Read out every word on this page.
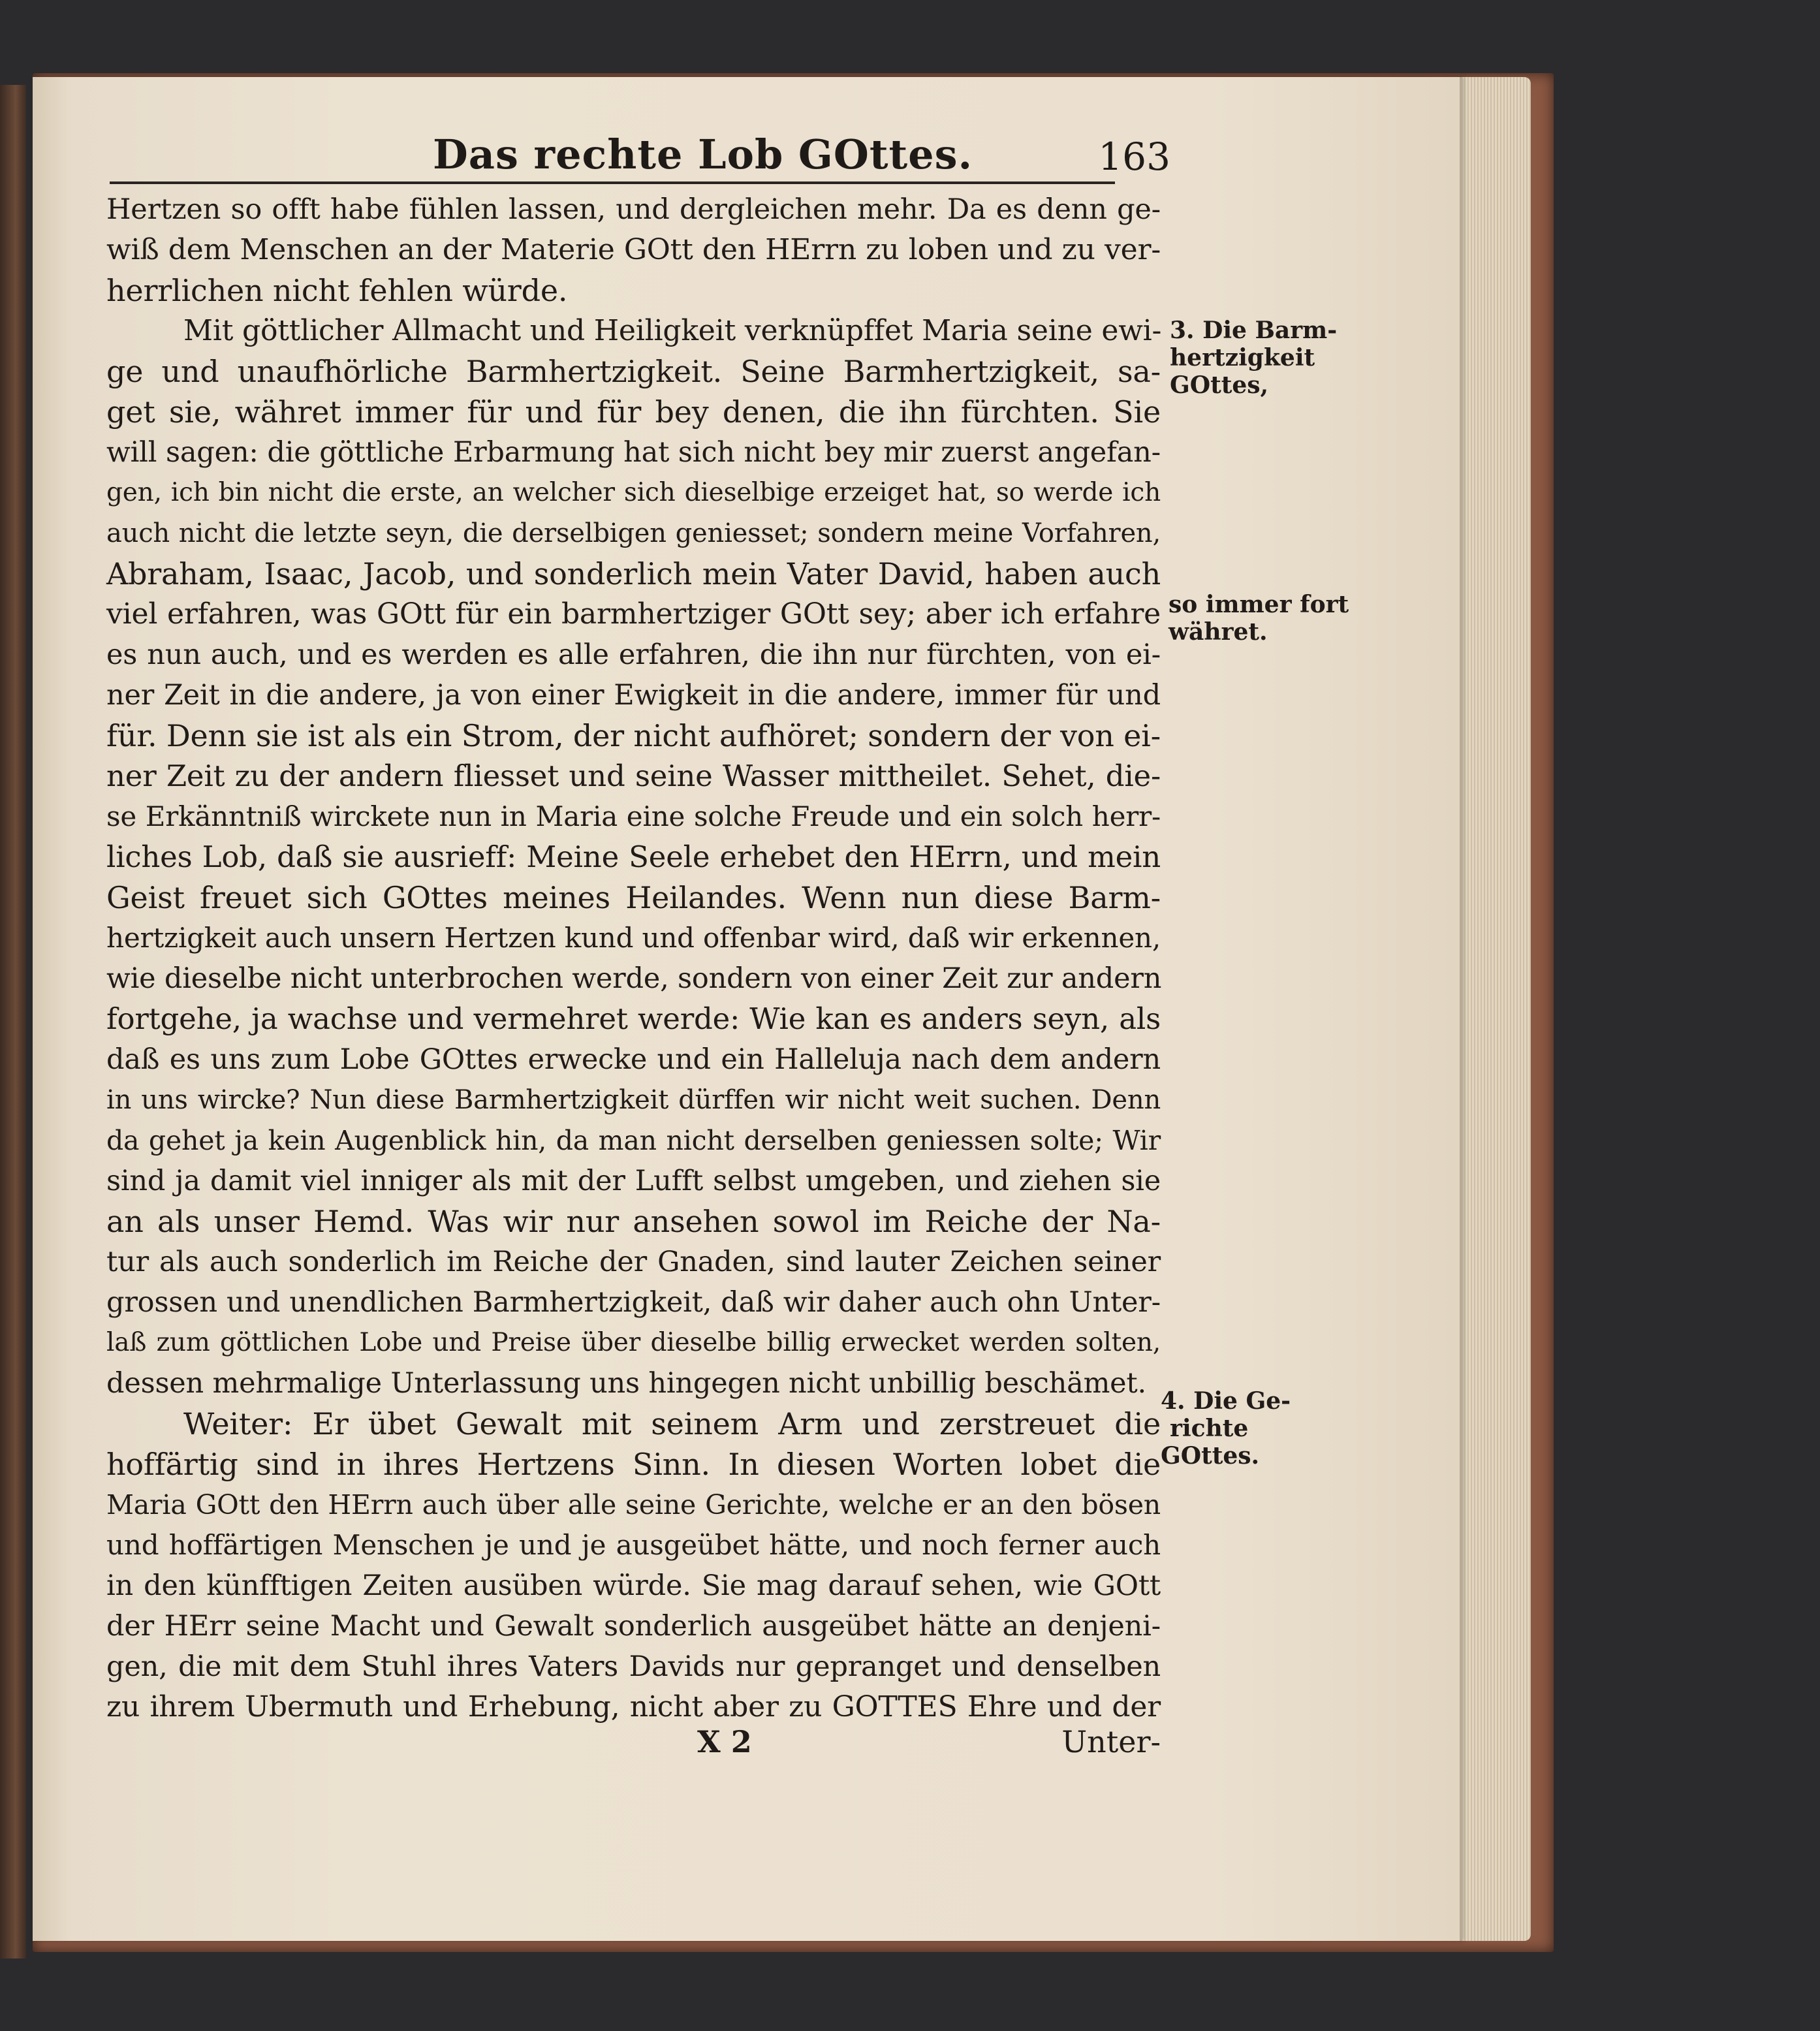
Das rechte Lob GOttes.	163
Hertzen so offt habe fühlen lassen, und dergleichen mehr. Da es denn ge-
wiß dem Menschen an der Materie GOtt den HErrn zu loben und zu ver-
herrlichen nicht fehlen würde.
Mit göttlicher Allmacht und Heiligkeit verknüpffet Maria seine ewi-
ge und unaufhörliche Barmhertzigkeit. Seine Barmhertzigkeit, sa-
get sie, währet immer für und für bey denen, die ihn fürchten. Sie
will sagen: die göttliche Erbarmung hat sich nicht bey mir zuerst angefan-
gen, ich bin nicht die erste, an welcher sich dieselbige erzeiget hat, so werde ich
auch nicht die letzte seyn, die derselbigen geniesset; sondern meine Vorfahren,
Abraham, Isaac, Jacob, und sonderlich mein Vater David, haben auch
viel erfahren, was GOtt für ein barmhertziger GOtt sey; aber ich erfahre
es nun auch, und es werden es alle erfahren, die ihn nur fürchten, von ei-
ner Zeit in die andere, ja von einer Ewigkeit in die andere, immer für und
für. Denn sie ist als ein Strom, der nicht aufhöret; sondern der von ei-
ner Zeit zu der andern fliesset und seine Wasser mittheilet. Sehet, die-
se Erkänntniß wirckete nun in Maria eine solche Freude und ein solch herr-
liches Lob, daß sie ausrieff: Meine Seele erhebet den HErrn, und mein
Geist freuet sich GOttes meines Heilandes. Wenn nun diese Barm-
hertzigkeit auch unsern Hertzen kund und offenbar wird, daß wir erkennen,
wie dieselbe nicht unterbrochen werde, sondern von einer Zeit zur andern
fortgehe, ja wachse und vermehret werde: Wie kan es anders seyn, als
daß es uns zum Lobe GOttes erwecke und ein Halleluja nach dem andern
in uns wircke? Nun diese Barmhertzigkeit dürffen wir nicht weit suchen. Denn
da gehet ja kein Augenblick hin, da man nicht derselben geniessen solte; Wir
sind ja damit viel inniger als mit der Lufft selbst umgeben, und ziehen sie
an als unser Hemd. Was wir nur ansehen sowol im Reiche der Na-
tur als auch sonderlich im Reiche der Gnaden, sind lauter Zeichen seiner
grossen und unendlichen Barmhertzigkeit, daß wir daher auch ohn Unter-
laß zum göttlichen Lobe und Preise über dieselbe billig erwecket werden solten,
dessen mehrmalige Unterlassung uns hingegen nicht unbillig beschämet.
Weiter: Er übet Gewalt mit seinem Arm und zerstreuet die
hoffärtig sind in ihres Hertzens Sinn. In diesen Worten lobet die
Maria GOtt den HErrn auch über alle seine Gerichte, welche er an den bösen
und hoffärtigen Menschen je und je ausgeübet hätte, und noch ferner auch
in den künfftigen Zeiten ausüben würde. Sie mag darauf sehen, wie GOtt
der HErr seine Macht und Gewalt sonderlich ausgeübet hätte an denjeni-
gen, die mit dem Stuhl ihres Vaters Davids nur gepranget und denselben
zu ihrem Ubermuth und Erhebung, nicht aber zu GOTTES Ehre und der
3. Die Barm-
hertzigkeit
GOttes,
so immer fort
währet.
4. Die Ge-
richte
GOttes.
X 2	Unter-
